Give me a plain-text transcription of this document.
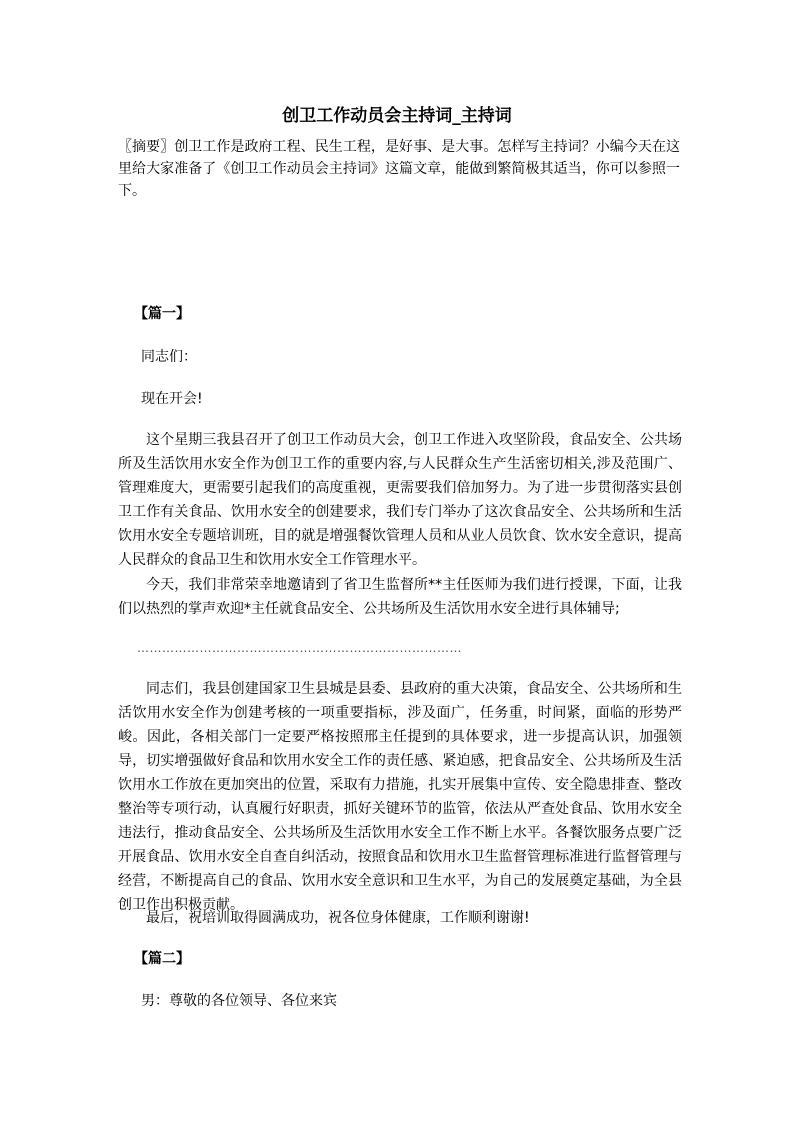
创卫工作动员会主持词_主持词

〖摘要〗创卫工作是政府工程、民生工程，是好事、是大事。怎样写主持词？小编今天在这里给大家准备了《创卫工作动员会主持词》这篇文章，能做到繁简极其适当，你可以参照一下。

【篇一】

同志们：

现在开会!

这个星期三我县召开了创卫工作动员大会，创卫工作进入攻坚阶段，食品安全、公共场所及生活饮用水安全作为创卫工作的重要内容,与人民群众生产生活密切相关,涉及范围广、管理难度大，更需要引起我们的高度重视，更需要我们倍加努力。为了进一步贯彻落实县创卫工作有关食品、饮用水安全的创建要求，我们专门举办了这次食品安全、公共场所和生活饮用水安全专题培训班，目的就是增强餐饮管理人员和从业人员饮食、饮水安全意识，提高人民群众的食品卫生和饮用水安全工作管理水平。

今天，我们非常荣幸地邀请到了省卫生监督所**主任医师为我们进行授课，下面，让我们以热烈的掌声欢迎*主任就食品安全、公共场所及生活饮用水安全进行具体辅导;

……………………………………………………………………

同志们，我县创建国家卫生县城是县委、县政府的重大决策，食品安全、公共场所和生活饮用水安全作为创建考核的一项重要指标，涉及面广，任务重，时间紧，面临的形势严峻。因此，各相关部门一定要严格按照邢主任提到的具体要求，进一步提高认识，加强领导，切实增强做好食品和饮用水安全工作的责任感、紧迫感，把食品安全、公共场所及生活饮用水工作放在更加突出的位置，采取有力措施，扎实开展集中宣传、安全隐患排查、整改整治等专项行动，认真履行好职责，抓好关键环节的监管，依法从严查处食品、饮用水安全违法行，推动食品安全、公共场所及生活饮用水安全工作不断上水平。各餐饮服务点要广泛开展食品、饮用水安全自查自纠活动，按照食品和饮用水卫生监督管理标准进行监督管理与经营，不断提高自己的食品、饮用水安全意识和卫生水平，为自己的发展奠定基础，为全县创卫作出积极贡献。

最后，祝培训取得圆满成功，祝各位身体健康，工作顺利谢谢!

【篇二】

男：尊敬的各位领导、各位来宾
